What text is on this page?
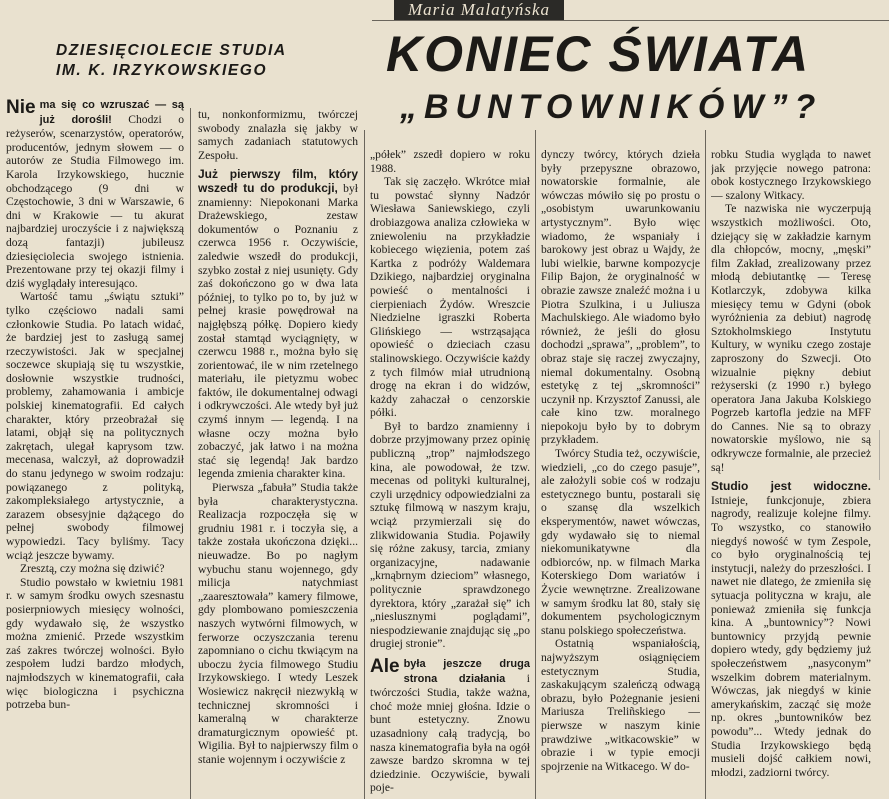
Maria Malatyńska
DZIESIĘCIOLECIE STUDIA
IM. K. IRZYKOWSKIEGO	KONIEC ŚWIATA
„BUNTOWNIKÓW”?

Nie ma się co wzruszać — są już dorośli! Chodzi o reżyserów, scenarzystów, operatorów, producentów, jednym słowem — o autorów ze Studia Filmowego im. Karola Irzykowskiego, hucznie obchodzącego (9 dni w Częstochowie, 3 dni w Warszawie, 6 dni w Krakowie — tu akurat najbardziej uroczyście i z największą dozą fantazji) jubileusz dziesięciolecia swojego istnienia. Prezentowane przy tej okazji filmy i dziś wyglądały interesująco.

Wartość tamu „świątu sztuki” tylko częściowo nadali sami członkowie Studia. Po latach widać, że bardziej jest to zasługą samej rzeczywistości. Jak w specjalnej soczewce skupiają się tu wszystkie, dosłownie wszystkie trudności, problemy, zahamowania i ambicje polskiej kinematografii. Ed całych charakter, który przeobrażał się latami, objął się na politycznych zakrętach, ulegał kaprysom tzw. mecenasa, walczył, aż doprowadził do stanu jedynego w swoim rodzaju: powiązanego z polityką, zakompleksiałego artystycznie, a zarazem obsesyjnie dążącego do pełnej swobody filmowej wypowiedzi. Tacy byliśmy. Tacy wciąż jeszcze bywamy.

Zresztą, czy można się dziwić?

Studio powstało w kwietniu 1981 r. w samym środku owych szesnastu posierpniowych miesięcy wolności, gdy wydawało się, że wszystko można zmienić. Przede wszystkim zaś zakres twórczej wolności. Było zespołem ludzi bardzo młodych, najmłodszych w kinematografii, cała więc biologiczna i psychiczna potrzeba bun-

tu, nonkonformizmu, twórczej swobody znalazła się jakby w samych zadaniach statutowych Zespołu.

Już pierwszy film, który wszedł tu do produkcji, był znamienny: Niepokonani Marka Drażewskiego, zestaw dokumentów o Poznaniu z czerwca 1956 r. Oczywiście, zaledwie wszedł do produkcji, szybko został z niej usunięty. Gdy zaś dokończono go w dwa lata później, to tylko po to, by już w pełnej krasie powędrował na najgłębszą półkę. Dopiero kiedy został stamtąd wyciągnięty, w czerwcu 1988 r., można było się zorientować, ile w nim rzetelnego materiału, ile pietyzmu wobec faktów, ile dokumentalnej odwagi i odkrywczości. Ale wtedy był już czymś innym — legendą. I na własne oczy można było zobaczyć, jak łatwo i na można stać się legendą! Jak bardzo legenda zmienia charakter kina.

Pierwsza „fabuła” Studia także była charakterystyczna. Realizacja rozpoczęła się w grudniu 1981 r. i toczyła się, a także została ukończona dzięki... nieuwadze. Bo po nagłym wybuchu stanu wojennego, gdy milicja natychmiast „zaaresztowała” kamery filmowe, gdy plombowano pomieszczenia naszych wytwórni filmowych, w ferworze oczyszczania terenu zapomniano o cichu tkwiącym na uboczu życia filmowego Studiu Irzykowskiego. I wtedy Leszek Wosiewicz nakręcił niezwykłą w technicznej skromności i kameralną w charakterze dramaturgicznym opowieść pt. Wigilia. Był to najpierwszy film o stanie wojennym i oczywiście z

„półek” zszedł dopiero w roku 1988.

Tak się zaczęło. Wkrótce miał tu powstać słynny Nadzór Wiesława Saniewskiego, czyli drobiazgowa analiza człowieka w zniewoleniu na przykładzie kobiecego więzienia, potem zaś Kartka z podróży Waldemara Dzikiego, najbardziej oryginalna powieść o mentalności i cierpieniach Żydów. Wreszcie Niedzielne igraszki Roberta Glińskiego — wstrząsająca opowieść o dzieciach czasu stalinowskiego. Oczywiście każdy z tych filmów miał utrudnioną drogę na ekran i do widzów, każdy zahaczał o cenzorskie półki.

Był to bardzo znamienny i dobrze przyjmowany przez opinię publiczną „trop” najmłodszego kina, ale powodował, że tzw. mecenas od polityki kulturalnej, czyli urzędnicy odpowiedzialni za sztukę filmową w naszym kraju, wciąż przymierzali się do zlikwidowania Studia. Pojawiły się różne zakusy, tarcia, zmiany organizacyjne, nadawanie „krnąbrnym dzieciom” własnego, politycznie sprawdzonego dyrektora, który „zarażał się” ich „nieslusznymi poglądami”, niespodziewanie znajdując się „po drugiej stronie”.

Ale była jeszcze druga strona działania i twórczości Studia, także ważna, choć może mniej głośna. Idzie o bunt estetyczny. Znowu uzasadniony całą tradycją, bo nasza kinematografia była na ogół zawsze bardzo skromna w tej dziedzinie. Oczywiście, bywali poje-

dynczy twórcy, których dzieła były przepyszne obrazowo, nowatorskie formalnie, ale wówczas mówiło się po prostu o „osobistym uwarunkowaniu artystycznym”. Było więc wiadomo, że wspaniały i barokowy jest obraz u Wajdy, że lubi wielkie, barwne kompozycje Filip Bajon, że oryginalność w obrazie zawsze znaleźć można i u Piotra Szulkina, i u Juliusza Machulskiego. Ale wiadomo było również, że jeśli do głosu dochodzi „sprawa”, „problem”, to obraz staje się raczej zwyczajny, niemal dokumentalny. Osobną estetykę z tej „skromności” uczynił np. Krzysztof Zanussi, ale całe kino tzw. moralnego niepokoju było by to dobrym przykładem.

Twórcy Studia też, oczywiście, wiedzieli, „co do czego pasuje”, ale założyli sobie coś w rodzaju estetycznego buntu, postarali się o szansę dla wszelkich eksperymentów, nawet wówczas, gdy wydawało się to niemal niekomunikatywne dla odbiorców, np. w filmach Marka Koterskiego Dom wariatów i Życie wewnętrzne. Zrealizowane w samym środku lat 80, stały się dokumentem psychologicznym stanu polskiego społeczeństwa.

Ostatnią wspaniałością, najwyższym osiągnięciem estetycznym Studia, zaskakującym szaleńczą odwagą obrazu, było Pożegnanie jesieni Mariusza Treliñskiego — pierwsze w naszym kinie prawdziwe „witkacowskie” w obrazie i w typie emocji spojrzenie na Witkacego. W do-

robku Studia wygląda to nawet jak przyjęcie nowego patrona: obok kostycznego Irzykowskiego — szalony Witkacy.

Te nazwiska nie wyczerpują wszystkich możliwości. Oto, dziejący się w zakładzie karnym dla chłopców, mocny, „męski” film Zakład, zrealizowany przez młodą debiutantkę — Teresę Kotlarczyk, zdobywa kilka miesięcy temu w Gdyni (obok wyróżnienia za debiut) nagrodę Sztokholmskiego Instytutu Kultury, w wyniku czego zostaje zaproszony do Szwecji. Oto wizualnie piękny debiut reżyserski (z 1990 r.) byłego operatora Jana Jakuba Kolskiego Pogrzeb kartofla jedzie na MFF do Cannes. Nie są to obrazy nowatorskie myślowo, nie są odkrywcze formalnie, ale przecież są!

Studio jest widoczne. Istnieje, funkcjonuje, zbiera nagrody, realizuje kolejne filmy. To wszystko, co stanowiło niegdyś nowość w tym Zespole, co było oryginalnością tej instytucji, należy do przeszłości. I nawet nie dlatego, że zmieniła się sytuacja polityczna w kraju, ale ponieważ zmieniła się funkcja kina. A „buntownicy”? Nowi buntownicy przyjdą pewnie dopiero wtedy, gdy będziemy już społeczeństwem „nasyconym” wszelkim dobrem materialnym. Wówczas, jak niegdyś w kinie amerykańskim, zacząć się może np. okres „buntowników bez powodu”... Wtedy jednak do Studia Irzykowskiego będą musieli dojść całkiem nowi, młodzi, zadziorni twórcy.
